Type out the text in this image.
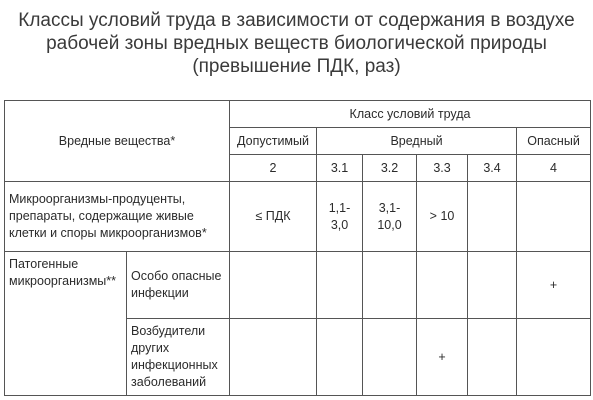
Классы условий труда в зависимости от содержания в воздухе
рабочей зоны вредных веществ биологической природы
(превышение ПДК, раз)
Вредные вещества*		Класс условий труда					
		Допустимый	Вредный				Опасный
		2	3.1	3.2	3.3	3.4	4
Микроорганизмы-продуценты, препараты, содержащие живые клетки и споры микроорганизмов*		≤ ПДК	1,1-3,0	3,1-10,0	> 10		
Патогенные микроорганизмы**	Особо опасные инфекции						+
	Возбудители других инфекционных заболеваний				+		
